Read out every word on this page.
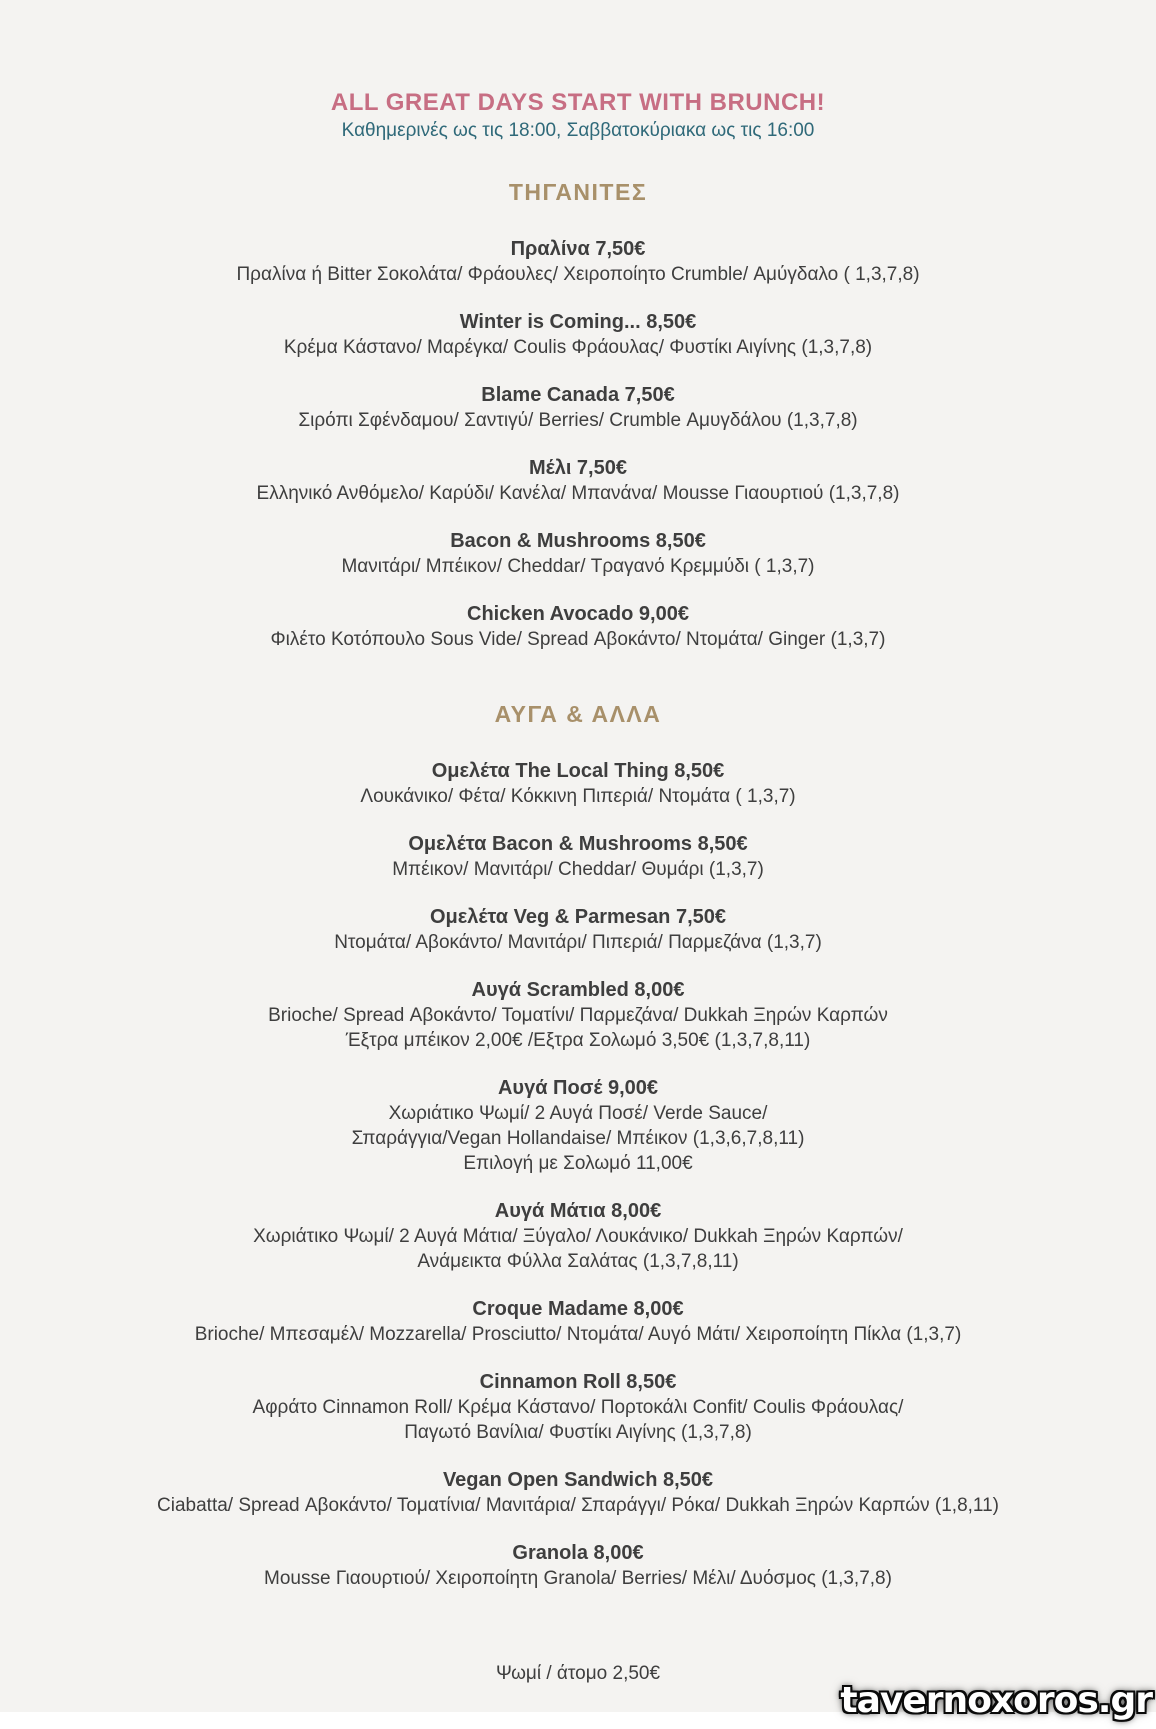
ALL GREAT DAYS START WITH BRUNCH!

Καθημερινές ως τις 18:00, Σαββατοκύριακα ως τις 16:00

ΤΗΓΑΝΙΤΕΣ
Πραλίνα 7,50€

Πραλίνα ή Bitter Σοκολάτα/ Φράουλες/ Χειροποίητο Crumble/ Αμύγδαλο ( 1,3,7,8)

Winter is Coming... 8,50€

Κρέμα Κάστανο/ Μαρέγκα/ Coulis Φράουλας/ Φυστίκι Αιγίνης (1,3,7,8)

Blame Canada 7,50€

Σιρόπι Σφένδαμου/ Σαντιγύ/ Berries/ Crumble Αμυγδάλου (1,3,7,8)

Μέλι 7,50€

Ελληνικό Ανθόμελο/ Καρύδι/ Κανέλα/ Μπανάνα/ Mousse Γιαουρτιού (1,3,7,8)

Bacon & Mushrooms 8,50€

Μανιτάρι/ Μπέικον/ Cheddar/ Τραγανό Κρεμμύδι ( 1,3,7)

Chicken Avocado 9,00€

Φιλέτο Κοτόπουλο Sous Vide/ Spread Αβοκάντο/ Ντομάτα/ Ginger (1,3,7)

ΑΥΓΑ & ΑΛΛΑ
Ομελέτα The Local Thing 8,50€

Λουκάνικο/ Φέτα/ Κόκκινη Πιπεριά/ Ντομάτα ( 1,3,7)

Ομελέτα Bacon & Mushrooms 8,50€

Μπέικον/ Μανιτάρι/ Cheddar/ Θυμάρι (1,3,7)

Ομελέτα Veg & Parmesan 7,50€

Ντομάτα/ Αβοκάντο/ Μανιτάρι/ Πιπεριά/ Παρμεζάνα (1,3,7)

Αυγά Scrambled 8,00€

Brioche/ Spread Αβοκάντο/ Τοματίνι/ Παρμεζάνα/ Dukkah Ξηρών Καρπών

Έξτρα μπέικον 2,00€ /Εξτρα Σολωμό 3,50€ (1,3,7,8,11)

Αυγά Ποσέ 9,00€

Χωριάτικο Ψωμί/ 2 Αυγά Ποσέ/ Verde Sauce/

Σπαράγγια/Vegan Hollandaise/ Μπέικον (1,3,6,7,8,11)

Επιλογή με Σολωμό 11,00€

Αυγά Μάτια 8,00€

Χωριάτικο Ψωμί/ 2 Αυγά Μάτια/ Ξύγαλο/ Λουκάνικο/ Dukkah Ξηρών Καρπών/

Ανάμεικτα Φύλλα Σαλάτας (1,3,7,8,11)

Croque Madame 8,00€

Brioche/ Μπεσαμέλ/ Mozzarella/ Prosciutto/ Ντομάτα/ Αυγό Μάτι/ Χειροποίητη Πίκλα (1,3,7)

Cinnamon Roll 8,50€

Αφράτο Cinnamon Roll/ Κρέμα Κάστανο/ Πορτοκάλι Confit/ Coulis Φράουλας/

Παγωτό Βανίλια/ Φυστίκι Αιγίνης (1,3,7,8)

Vegan Open Sandwich 8,50€

Ciabatta/ Spread Αβοκάντο/ Τοματίνια/ Μανιτάρια/ Σπαράγγι/ Ρόκα/ Dukkah Ξηρών Καρπών (1,8,11)

Granola 8,00€

Mousse Γιαουρτιού/ Χειροποίητη Granola/ Berries/ Μέλι/ Δυόσμος (1,3,7,8)

Ψωμί / άτομο 2,50€

tavernoxoros.gr
